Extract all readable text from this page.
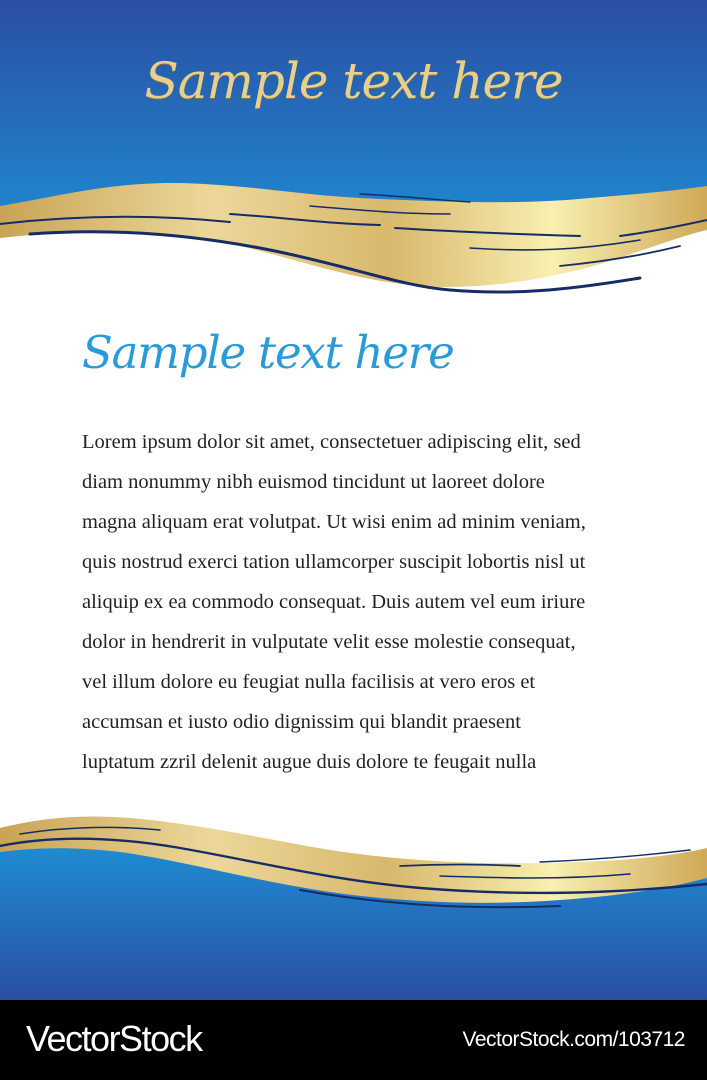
Sample text here
Sample text here

Lorem ipsum dolor sit amet, consectetuer adipiscing elit, sed
diam nonummy nibh euismod tincidunt ut laoreet dolore
magna aliquam erat volutpat. Ut wisi enim ad minim veniam,
quis nostrud exerci tation ullamcorper suscipit lobortis nisl ut
aliquip ex ea commodo consequat. Duis autem vel eum iriure
dolor in hendrerit in vulputate velit esse molestie consequat,
vel illum dolore eu feugiat nulla facilisis at vero eros et
accumsan et iusto odio dignissim qui blandit praesent
luptatum zzril delenit augue duis dolore te feugait nulla

VectorStock	VectorStock.com/103712
